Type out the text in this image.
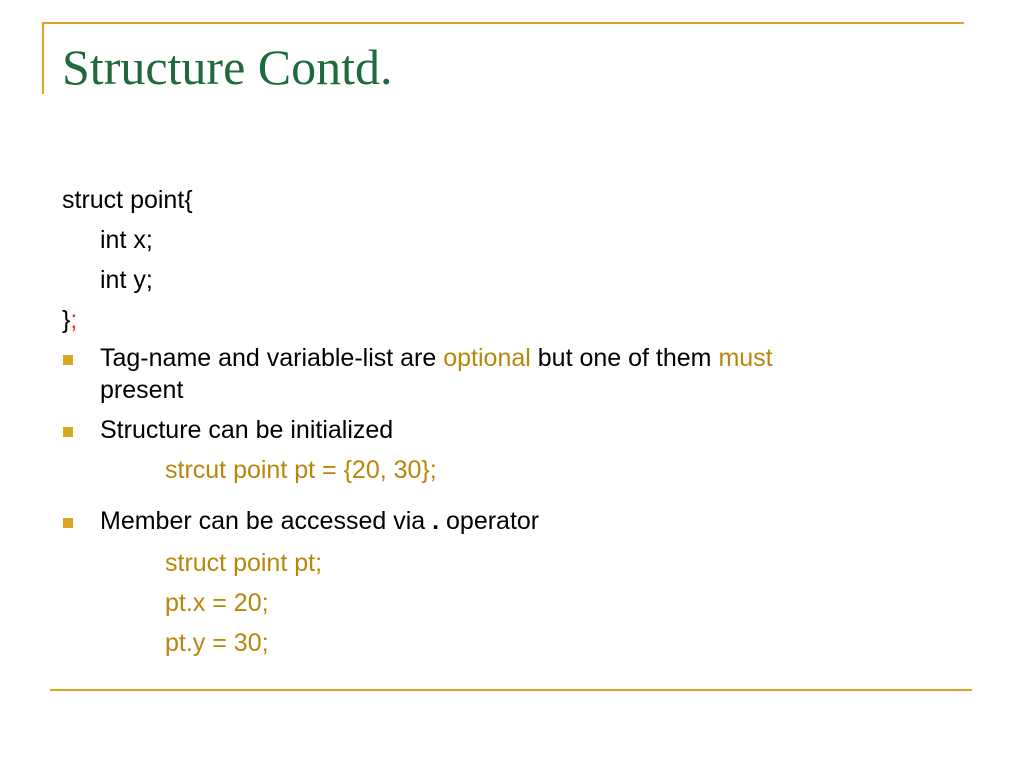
Structure Contd.
struct point{
int x;
int y;
};
Tag-name and variable-list are optional but one of them must
present
Structure can be initialized
strcut point pt = {20, 30};
Member can be accessed via . operator
struct point pt;
pt.x = 20;
pt.y = 30;
